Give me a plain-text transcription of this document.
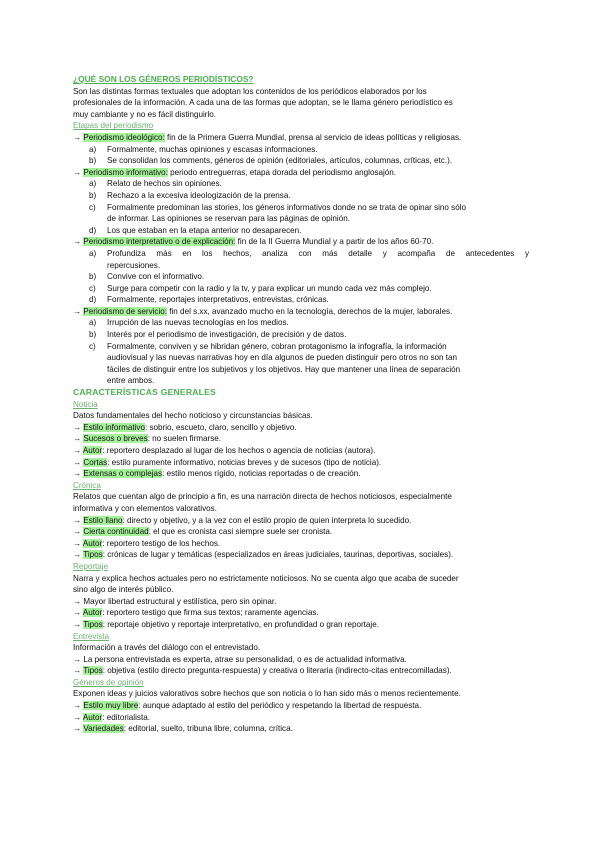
¿QUÉ SON LOS GÉNEROS PERIODÍSTICOS?
Son las distintas formas textuales que adoptan los contenidos de los periódicos elaborados por los
profesionales de la información. A cada una de las formas que adoptan, se le llama género periodístico es
muy cambiante y no es fácil distinguirlo.
Etapas del periodismo
→ Periodismo ideológico: fin de la Primera Guerra Mundial, prensa al servicio de ideas políticas y religiosas.
a) Formalmente, muchas opiniones y escasas informaciones.
b) Se consolidan los comments, géneros de opinión (editoriales, artículos, columnas, críticas, etc.).
→ Periodismo informativo: periodo entreguerras, etapa dorada del periodismo anglosajón.
a) Relato de hechos sin opiniones.
b) Rechazo a la excesiva ideologización de la prensa.
c) Formalmente predominan las stories, los géneros informativos donde no se trata de opinar sino sólo
de informar. Las opiniones se reservan para las páginas de opinión.
d) Los que estaban en la etapa anterior no desaparecen.
→ Periodismo interpretativo o de explicación: fin de la II Guerra Mundial y a partir de los años 60-70.
a) Profundiza más en los hechos, analiza con más detalle y acompaña de antecedentes y
repercusiones.
b) Convive con el informativo.
c) Surge para competir con la radio y la tv, y para explicar un mundo cada vez más complejo.
d) Formalmente, reportajes interpretativos, entrevistas, crónicas.
→ Periodismo de servicio: fin del s.xx, avanzado mucho en la tecnología, derechos de la mujer, laborales.
a) Irrupción de las nuevas tecnologías en los medios.
b) Interés por el periodismo de investigación, de precisión y de datos.
c) Formalmente, conviven y se hibridan género, cobran protagonismo la infografía, la información
audiovisual y las nuevas narrativas hoy en día algunos de pueden distinguir pero otros no son tan
fáciles de distinguir entre los subjetivos y los objetivos. Hay que mantener una línea de separación
entre ambos.
CARACTERÍSTICAS GENERALES
Noticia
Datos fundamentales del hecho noticioso y circunstancias básicas.
→ Estilo informativo: sobrio, escueto, claro, sencillo y objetivo.
→ Sucesos o breves: no suelen firmarse.
→ Autor: reportero desplazado al lugar de los hechos o agencia de noticias (autora).
→ Cortas: estilo puramente informativo, noticias breves y de sucesos (tipo de noticia).
→ Extensas o complejas: estilo menos rígido, noticias reportadas o de creación.
Crónica
Relatos que cuentan algo de principio a fin, es una narración directa de hechos noticiosos, especialmente
informativa y con elementos valorativos.
→ Estilo llano: directo y objetivo, y a la vez con el estilo propio de quien interpreta lo sucedido.
→ Cierta continuidad: el que es cronista casi siempre suele ser cronista.
→ Autor: reportero testigo de los hechos.
→ Tipos: crónicas de lugar y temáticas (especializados en áreas judiciales, taurinas, deportivas, sociales).
Reportaje
Narra y explica hechos actuales pero no estrictamente noticiosos. No se cuenta algo que acaba de suceder
sino algo de interés público.
→ Mayor libertad estructural y estilística, pero sin opinar.
→ Autor: reportero testigo que firma sus textos; raramente agencias.
→ Tipos: reportaje objetivo y reportaje interpretativo, en profundidad o gran reportaje.
Entrevista
Información a través del diálogo con el entrevistado.
→ La persona entrevistada es experta, atrae su personalidad, o es de actualidad informativa.
→ Tipos: objetiva (estilo directo pregunta-respuesta) y creativa o literaria (indirecto-citas entrecomilladas).
Géneros de opinión
Exponen ideas y juicios valorativos sobre hechos que son noticia o lo han sido más o menos recientemente.
→ Estilo muy libre: aunque adaptado al estilo del periódico y respetando la libertad de respuesta.
→ Autor: editorialista.
→ Variedades: editorial, suelto, tribuna libre, columna, crítica.
